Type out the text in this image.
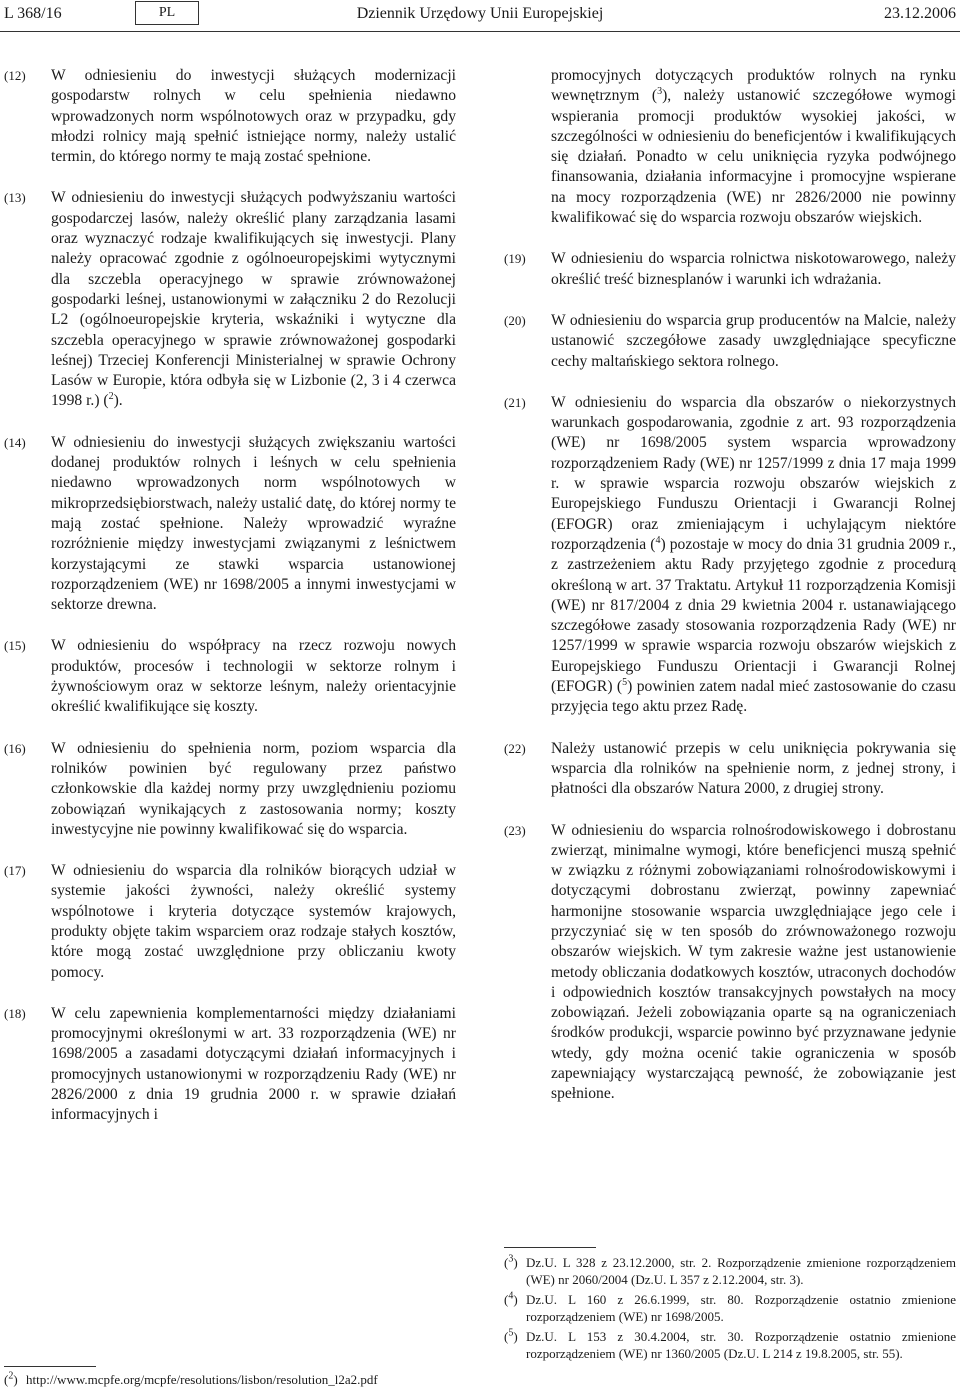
L 368/16	PL	Dziennik Urzędowy Unii Europejskiej	23.12.2006
(12)	W odniesieniu do inwestycji służących modernizacji gospodarstw rolnych w celu spełnienia niedawno wprowadzonych norm wspólnotowych oraz w przypadku, gdy młodzi rolnicy mają spełnić istniejące normy, należy ustalić termin, do którego normy te mają zostać spełnione.
(13)	W odniesieniu do inwestycji służących podwyższaniu wartości gospodarczej lasów, należy określić plany zarządzania lasami oraz wyznaczyć rodzaje kwalifikujących się inwestycji. Plany należy opracować zgodnie z ogólnoeuropejskimi wytycznymi dla szczebla operacyjnego w sprawie zrównoważonej gospodarki leśnej, ustanowionymi w załączniku 2 do Rezolucji L2 (ogólnoeuropejskie kryteria, wskaźniki i wytyczne dla szczebla operacyjnego w sprawie zrównoważonej gospodarki leśnej) Trzeciej Konferencji Ministerialnej w sprawie Ochrony Lasów w Europie, która odbyła się w Lizbonie (2, 3 i 4 czerwca 1998 r.) ($^2$).
(14)	W odniesieniu do inwestycji służących zwiększaniu wartości dodanej produktów rolnych i leśnych w celu spełnienia niedawno wprowadzonych norm wspólnotowych w mikroprzedsiębiorstwach, należy ustalić datę, do której normy te mają zostać spełnione. Należy wprowadzić wyraźne rozróżnienie między inwestycjami związanymi z leśnictwem korzystającymi ze stawki wsparcia ustanowionej rozporządzeniem (WE) nr 1698/2005 a innymi inwestycjami w sektorze drewna.
(15)	W odniesieniu do współpracy na rzecz rozwoju nowych produktów, procesów i technologii w sektorze rolnym i żywnościowym oraz w sektorze leśnym, należy orientacyjnie określić kwalifikujące się koszty.
(16)	W odniesieniu do spełnienia norm, poziom wsparcia dla rolników powinien być regulowany przez państwo członkowskie dla każdej normy przy uwzględnieniu poziomu zobowiązań wynikających z zastosowania normy; koszty inwestycyjne nie powinny kwalifikować się do wsparcia.
(17)	W odniesieniu do wsparcia dla rolników biorących udział w systemie jakości żywności, należy określić systemy wspólnotowe i kryteria dotyczące systemów krajowych, produkty objęte takim wsparciem oraz rodzaje stałych kosztów, które mogą zostać uwzględnione przy obliczaniu kwoty pomocy.
(18)	W celu zapewnienia komplementarności między działaniami promocyjnymi określonymi w art. 33 rozporządzenia (WE) nr 1698/2005 a zasadami dotyczącymi działań informacyjnych i promocyjnych ustanowionymi w rozporządzeniu Rady (WE) nr 2826/2000 z dnia 19 grudnia 2000 r. w sprawie działań informacyjnych i
($^2$) http://www.mcpfe.org/mcpfe/resolutions/lisbon/resolution_l2a2.pdf
promocyjnych dotyczących produktów rolnych na rynku wewnętrznym ($^3$), należy ustanowić szczegółowe wymogi wspierania promocji produktów wysokiej jakości, w szczególności w odniesieniu do beneficjentów i kwalifikujących się działań. Ponadto w celu uniknięcia ryzyka podwójnego finansowania, działania informacyjne i promocyjne wspierane na mocy rozporządzenia (WE) nr 2826/2000 nie powinny kwalifikować się do wsparcia rozwoju obszarów wiejskich.
(19)	W odniesieniu do wsparcia rolnictwa niskotowarowego, należy określić treść biznesplanów i warunki ich wdrażania.
(20)	W odniesieniu do wsparcia grup producentów na Malcie, należy ustanowić szczegółowe zasady uwzględniające specyficzne cechy maltańskiego sektora rolnego.
(21)	W odniesieniu do wsparcia dla obszarów o niekorzystnych warunkach gospodarowania, zgodnie z art. 93 rozporządzenia (WE) nr 1698/2005 system wsparcia wprowadzony rozporządzeniem Rady (WE) nr 1257/1999 z dnia 17 maja 1999 r. w sprawie wsparcia rozwoju obszarów wiejskich z Europejskiego Funduszu Orientacji i Gwarancji Rolnej (EFOGR) oraz zmieniającym i uchylającym niektóre rozporządzenia ($^4$) pozostaje w mocy do dnia 31 grudnia 2009 r., z zastrzeżeniem aktu Rady przyjętego zgodnie z procedurą określoną w art. 37 Traktatu. Artykuł 11 rozporządzenia Komisji (WE) nr 817/2004 z dnia 29 kwietnia 2004 r. ustanawiającego szczegółowe zasady stosowania rozporządzenia Rady (WE) nr 1257/1999 w sprawie wsparcia rozwoju obszarów wiejskich z Europejskiego Funduszu Orientacji i Gwarancji Rolnej (EFOGR) ($^5$) powinien zatem nadal mieć zastosowanie do czasu przyjęcia tego aktu przez Radę.
(22)	Należy ustanowić przepis w celu uniknięcia pokrywania się wsparcia dla rolników na spełnienie norm, z jednej strony, i płatności dla obszarów Natura 2000, z drugiej strony.
(23)	W odniesieniu do wsparcia rolnośrodowiskowego i dobrostanu zwierząt, minimalne wymogi, które beneficjenci muszą spełnić w związku z różnymi zobowiązaniami rolnośrodowiskowymi i dotyczącymi dobrostanu zwierząt, powinny zapewniać harmonijne stosowanie wsparcia uwzględniające jego cele i przyczyniać się w ten sposób do zrównoważonego rozwoju obszarów wiejskich. W tym zakresie ważne jest ustanowienie metody obliczania dodatkowych kosztów, utraconych dochodów i odpowiednich kosztów transakcyjnych powstałych na mocy zobowiązań. Jeżeli zobowiązania oparte są na ograniczeniach środków produkcji, wsparcie powinno być przyznawane jedynie wtedy, gdy można ocenić takie ograniczenia w sposób zapewniający wystarczającą pewność, że zobowiązanie jest spełnione.
($^3$) Dz.U. L 328 z 23.12.2000, str. 2. Rozporządzenie zmienione rozporządzeniem (WE) nr 2060/2004 (Dz.U. L 357 z 2.12.2004, str. 3).
($^4$) Dz.U. L 160 z 26.6.1999, str. 80. Rozporządzenie ostatnio zmienione rozporządzeniem (WE) nr 1698/2005.
($^5$) Dz.U. L 153 z 30.4.2004, str. 30. Rozporządzenie ostatnio zmienione rozporządzeniem (WE) nr 1360/2005 (Dz.U. L 214 z 19.8.2005, str. 55).
